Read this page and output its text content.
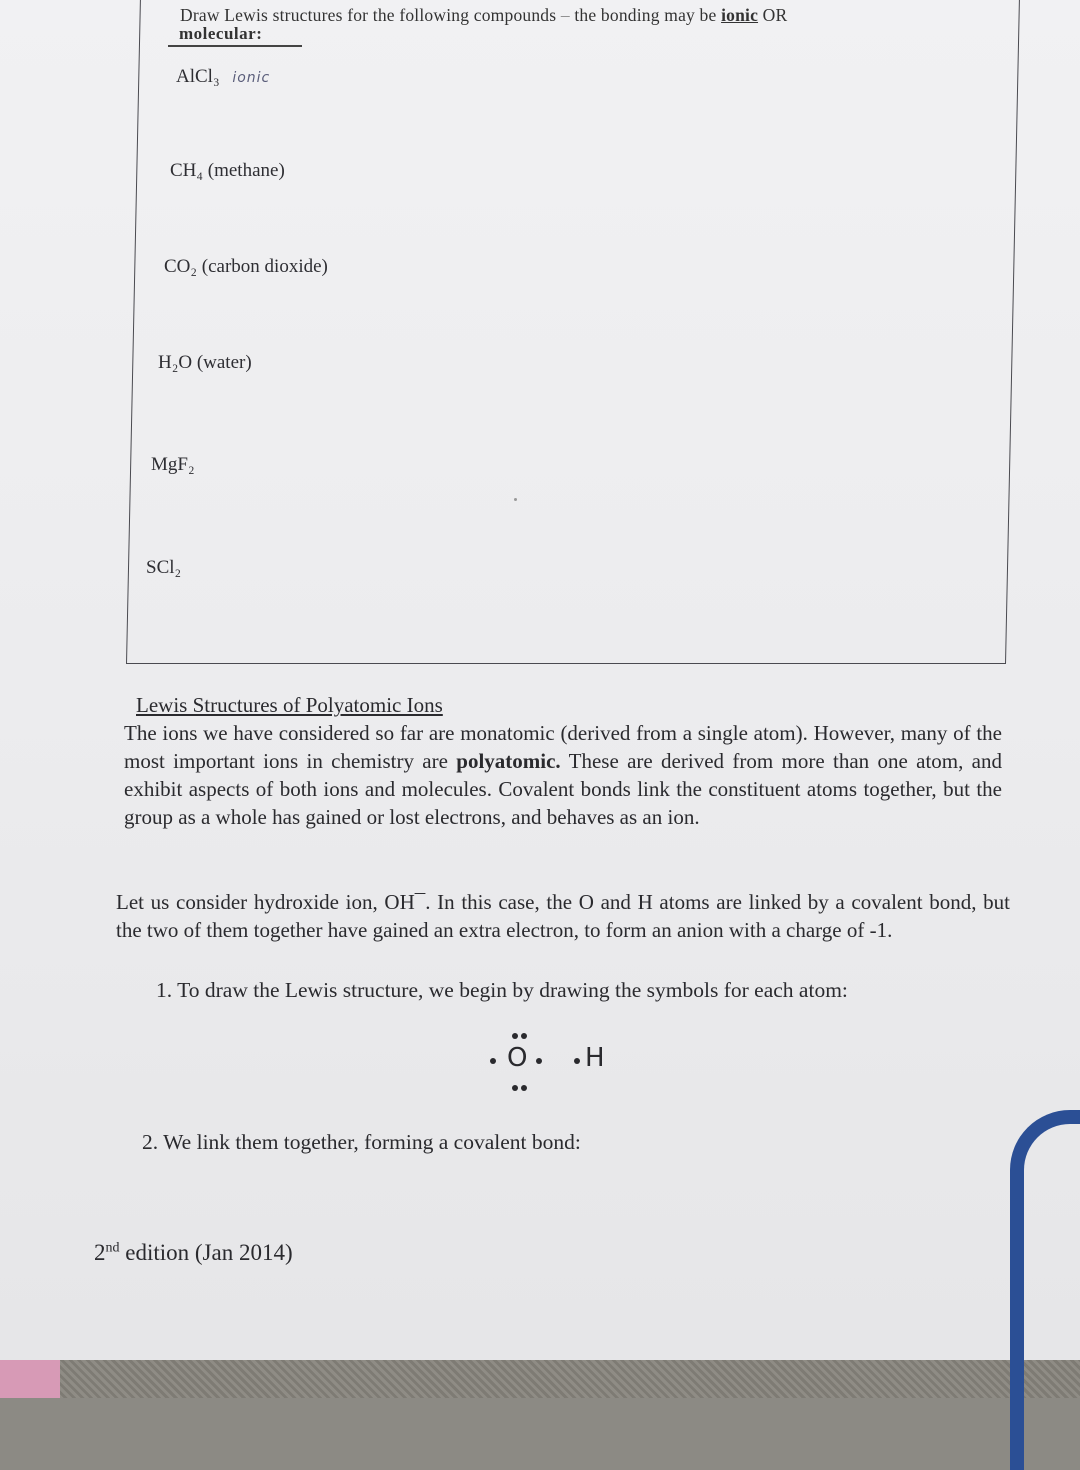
Draw Lewis structures for the following compounds – the bonding may be ionic OR
molecular:
AlCl₃ ionic
CH₄ (methane)
CO₂ (carbon dioxide)
H₂O (water)
MgF₂
SCl₂
Lewis Structures of Polyatomic Ions
The ions we have considered so far are monatomic (derived from a single atom). However, many of the most important ions in chemistry are polyatomic. These are derived from more than one atom, and exhibit aspects of both ions and molecules. Covalent bonds link the constituent atoms together, but the group as a whole has gained or lost electrons, and behaves as an ion.
Let us consider hydroxide ion, OH¯. In this case, the O and H atoms are linked by a covalent bond, but the two of them together have gained an extra electron, to form an anion with a charge of -1.
1. To draw the Lewis structure, we begin by drawing the symbols for each atom:
O H
2. We link them together, forming a covalent bond:
2nd edition (Jan 2014)
